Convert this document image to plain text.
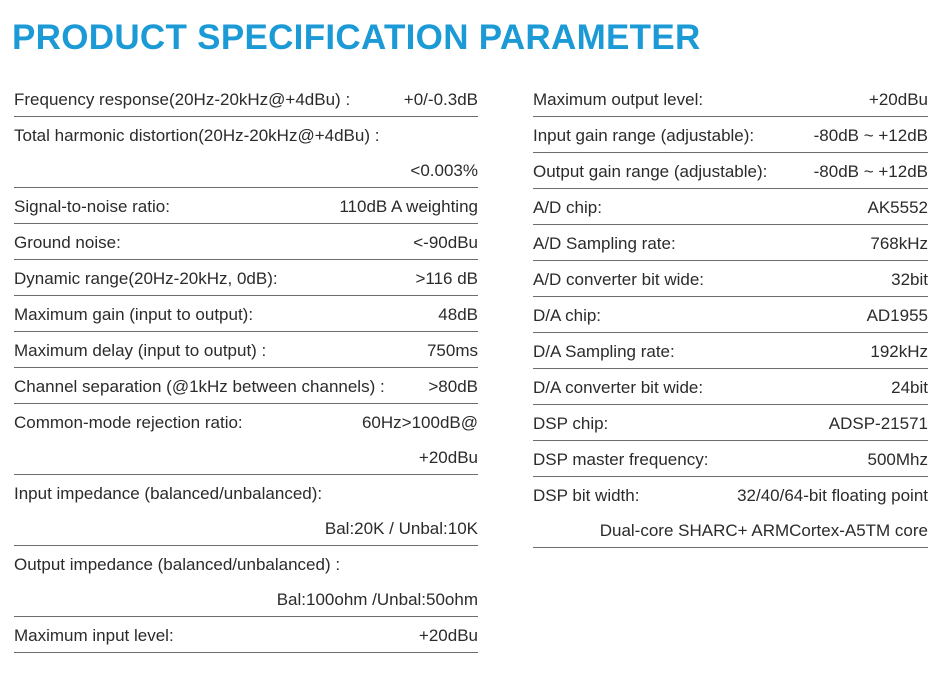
PRODUCT SPECIFICATION PARAMETER
Frequency response(20Hz-20kHz@+4dBu) :	+0/-0.3dB
Total harmonic distortion(20Hz-20kHz@+4dBu) :
<0.003%
Signal-to-noise ratio:	110dB A weighting
Ground noise:	<-90dBu
Dynamic range(20Hz-20kHz, 0dB):	>116 dB
Maximum gain (input to output):	48dB
Maximum delay (input to output) :	750ms
Channel separation (@1kHz between channels) :	>80dB
Common-mode rejection ratio:	60Hz>100dB@
+20dBu
Input impedance (balanced/unbalanced):
Bal:20K / Unbal:10K
Output impedance (balanced/unbalanced) :
Bal:100ohm /Unbal:50ohm
Maximum input level:	+20dBu
Maximum output level:	+20dBu
Input gain range (adjustable):	-80dB ~ +12dB
Output gain range (adjustable):	-80dB ~ +12dB
A/D chip:	AK5552
A/D Sampling rate:	768kHz
A/D converter bit wide:	32bit
D/A chip:	AD1955
D/A Sampling rate:	192kHz
D/A converter bit wide:	24bit
DSP chip:	ADSP-21571
DSP master frequency:	500Mhz
DSP bit width:	32/40/64-bit floating point
Dual-core SHARC+ ARMCortex-A5TM core
